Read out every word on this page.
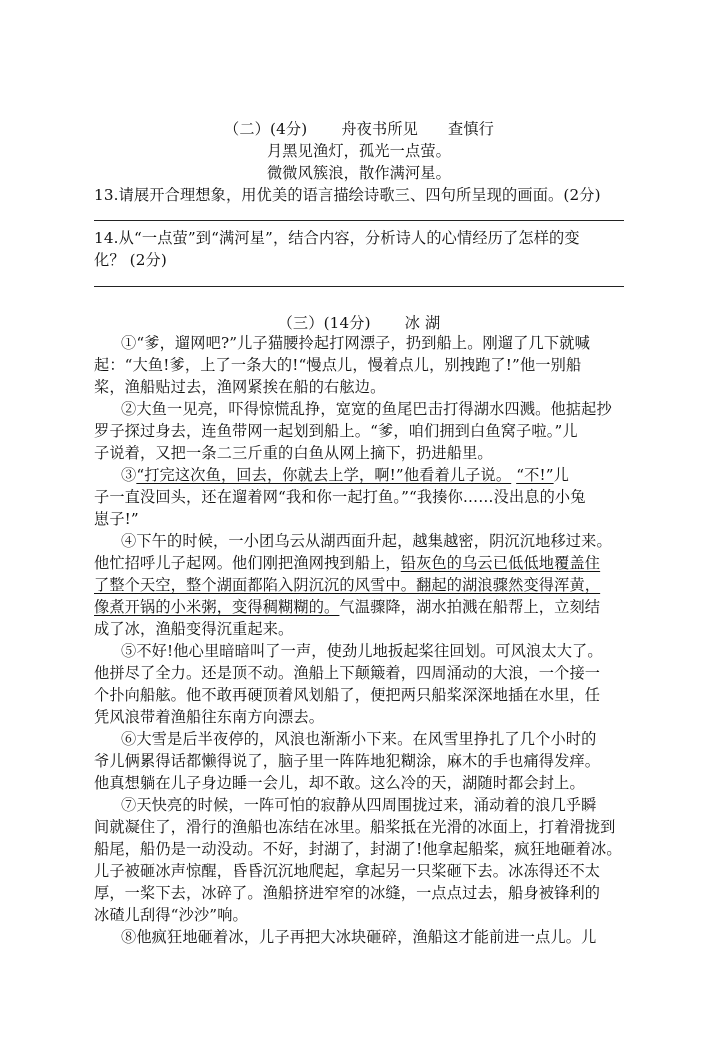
（二）(4分) 舟夜书所见 查慎行
月黑见渔灯，孤光一点萤。
微微风簇浪，散作满河星。
13.请展开合理想象，用优美的语言描绘诗歌三、四句所呈现的画面。(2分)
14.从“一点萤”到“满河星”，结合内容，分析诗人的心情经历了怎样的变
化？ (2分)
（三）(14分) 冰 湖
①“爹，遛网吧?”儿子猫腰拎起打网漂子，扔到船上。刚遛了几下就喊
起：“大鱼!爹，上了一条大的!“慢点儿，慢着点儿，别拽跑了!”他一别船
桨，渔船贴过去，渔网紧挨在船的右舷边。
②大鱼一见亮，吓得惊慌乱挣，宽宽的鱼尾巴击打得湖水四溅。他掂起抄
罗子探过身去，连鱼带网一起划到船上。“爹，咱们拥到白鱼窝子啦。”儿
子说着，又把一条二三斤重的白鱼从网上摘下，扔进船里。
③“打完这次鱼，回去，你就去上学，啊!”他看着儿子说。 “不!”儿
子一直没回头，还在遛着网“我和你一起打鱼。”“我揍你……没出息的小兔
崽子!”
④下午的时候，一小团乌云从湖西面升起，越集越密，阴沉沉地移过来。
他忙招呼儿子起网。他们刚把渔网拽到船上，铅灰色的乌云已低低地覆盖住
了整个天空，整个湖面都陷入阴沉沉的风雪中。翻起的湖浪骤然变得浑黄，
像煮开锅的小米粥，变得稠糊糊的。气温骤降，湖水拍溅在船帮上，立刻结
成了冰，渔船变得沉重起来。
⑤不好!他心里暗暗叫了一声，使劲儿地扳起桨往回划。可风浪太大了。
他拼尽了全力。还是顶不动。渔船上下颠簸着，四周涌动的大浪，一个接一
个扑向船舷。他不敢再硬顶着风划船了，便把两只船桨深深地插在水里，任
凭风浪带着渔船往东南方向漂去。
⑥大雪是后半夜停的，风浪也渐渐小下来。在风雪里挣扎了几个小时的
爷儿俩累得话都懒得说了，脑子里一阵阵地犯糊涂，麻木的手也痛得发痒。
他真想躺在儿子身边睡一会儿，却不敢。这么冷的天，湖随时都会封上。
⑦天快亮的时候，一阵可怕的寂静从四周围拢过来，涌动着的浪几乎瞬
间就凝住了，滑行的渔船也冻结在冰里。船桨抵在光滑的冰面上，打着滑拢到
船尾，船仍是一动没动。不好，封湖了，封湖了!他拿起船桨，疯狂地砸着冰。
儿子被砸冰声惊醒，昏昏沉沉地爬起，拿起另一只桨砸下去。冰冻得还不太
厚，一桨下去，冰碎了。渔船挤进窄窄的冰缝，一点点过去，船身被锋利的
冰碴儿刮得“沙沙”响。
⑧他疯狂地砸着冰，儿子再把大冰块砸碎，渔船这才能前进一点儿。儿
